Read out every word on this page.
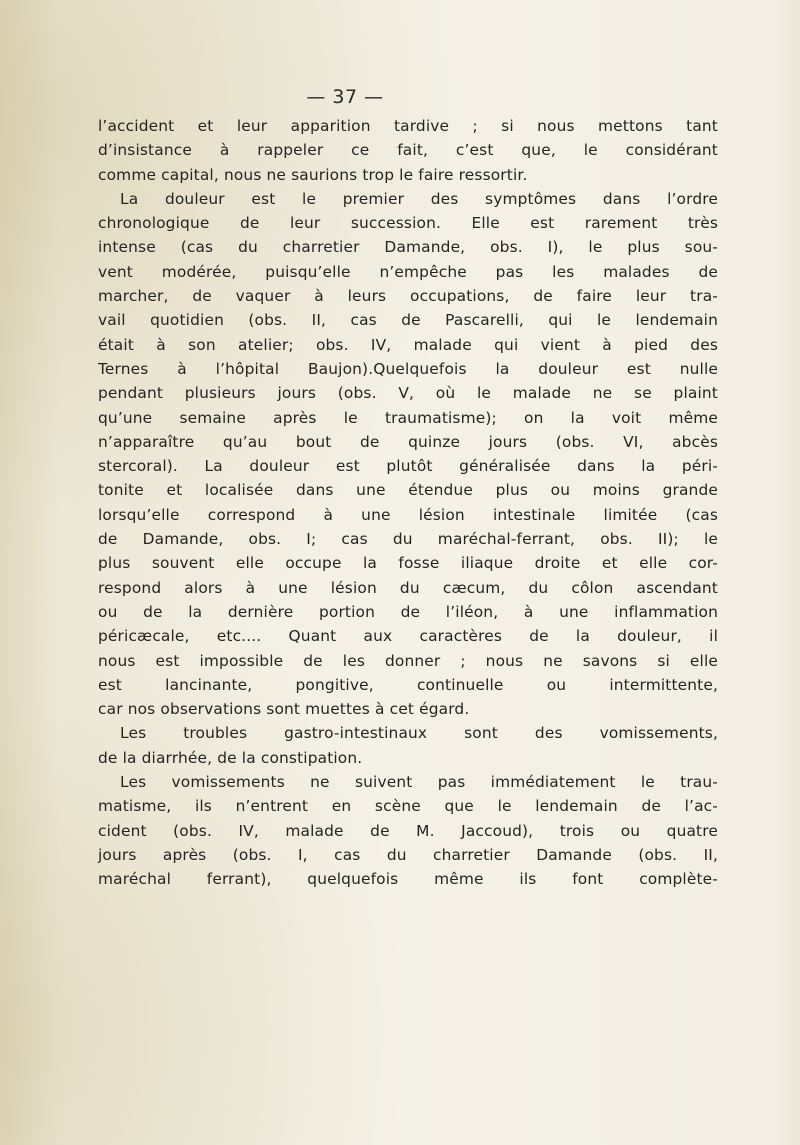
— 37 —
l’accident et leur apparition tardive ; si nous mettons tant
d’insistance à rappeler ce fait, c’est que, le considérant
comme capital, nous ne saurions trop le faire ressortir.
La douleur est le premier des symptômes dans l’ordre
chronologique de leur succession. Elle est rarement très
intense (cas du charretier Damande, obs. I), le plus sou-
vent modérée, puisqu’elle n’empêche pas les malades de
marcher, de vaquer à leurs occupations, de faire leur tra-
vail quotidien (obs. II, cas de Pascarelli, qui le lendemain
était à son atelier; obs. IV, malade qui vient à pied des
Ternes à l’hôpital Baujon).Quelquefois la douleur est nulle
pendant plusieurs jours (obs. V, où le malade ne se plaint
qu’une semaine après le traumatisme); on la voit même
n’apparaître qu’au bout de quinze jours (obs. VI, abcès
stercoral). La douleur est plutôt généralisée dans la péri-
tonite et localisée dans une étendue plus ou moins grande
lorsqu’elle correspond à une lésion intestinale limitée (cas
de Damande, obs. I; cas du maréchal-ferrant, obs. II); le
plus souvent elle occupe la fosse iliaque droite et elle cor-
respond alors à une lésion du cæcum, du côlon ascendant
ou de la dernière portion de l’iléon, à une inflammation
péricæcale, etc.... Quant aux caractères de la douleur, il
nous est impossible de les donner ; nous ne savons si elle
est lancinante, pongitive, continuelle ou intermittente,
car nos observations sont muettes à cet égard.
Les troubles gastro-intestinaux sont des vomissements,
de la diarrhée, de la constipation.
Les vomissements ne suivent pas immédiatement le trau-
matisme, ils n’entrent en scène que le lendemain de l’ac-
cident (obs. IV, malade de M. Jaccoud), trois ou quatre
jours après (obs. I, cas du charretier Damande (obs. II,
maréchal ferrant), quelquefois même ils font complète-
